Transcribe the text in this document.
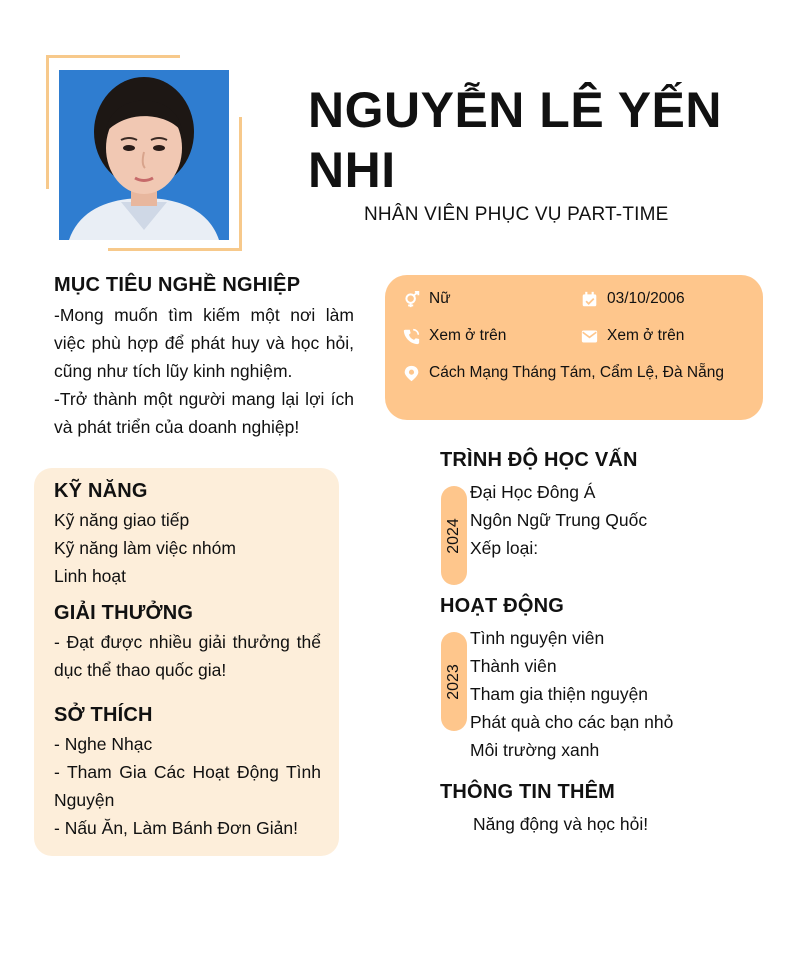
NGUYỄN LÊ YẾN NHI
NHÂN VIÊN PHỤC VỤ PART-TIME
MỤC TIÊU NGHỀ NGHIỆP
-Mong muốn tìm kiếm một nơi làm việc phù hợp để phát huy và học hỏi, cũng như tích lũy kinh nghiệm.
-Trở thành một người mang lại lợi ích và phát triển của doanh nghiệp!
Nữ	03/10/2006
Xem ở trên	Xem ở trên
Cách Mạng Tháng Tám, Cẩm Lệ, Đà Nẵng
KỸ NĂNG
Kỹ năng giao tiếp
Kỹ năng làm việc nhóm
Linh hoạt
GIẢI THƯỞNG
- Đạt được nhiều giải thưởng thể dục thể thao quốc gia!
SỞ THÍCH
- Nghe Nhạc
- Tham Gia Các Hoạt Động Tình Nguyện
- Nấu Ăn, Làm Bánh Đơn Giản!
TRÌNH ĐỘ HỌC VẤN
2024
Đại Học Đông Á
Ngôn Ngữ Trung Quốc
Xếp loại:
HOẠT ĐỘNG
2023
Tình nguyện viên
Thành viên
Tham gia thiện nguyện
Phát quà cho các bạn nhỏ
Môi trường xanh
THÔNG TIN THÊM
Năng động và học hỏi!
